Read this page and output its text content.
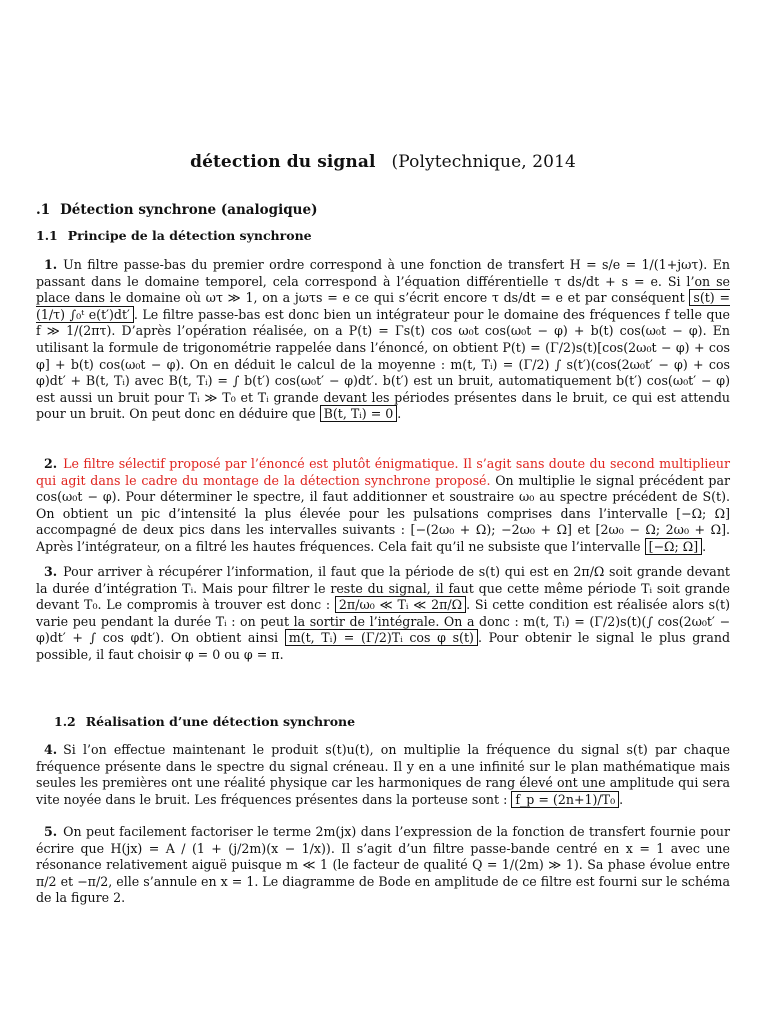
détection du signal (Polytechnique, 2014
.1 Détection synchrone (analogique)
1.1 Principe de la détection synchrone
1. Un filtre passe-bas du premier ordre correspond à une fonction de transfert H = s/e = 1/(1+jωτ). En passant dans le domaine temporel, cela correspond à l’équation différentielle τ ds/dt + s = e. Si l’on se place dans le domaine où ωτ ≫ 1, on a jωτs = e ce qui s’écrit encore τ ds/dt = e et par conséquent s(t) = (1/τ) ∫₀ᵗ e(t′)dt′ . Le filtre passe-bas est donc bien un intégrateur pour le domaine des fréquences f telle que f ≫ 1/(2πτ). D’après l’opération réalisée, on a P(t) = Γs(t) cos ω₀t cos(ω₀t − φ) + b(t) cos(ω₀t − φ). En utilisant la formule de trigonométrie rappelée dans l’énoncé, on obtient P(t) = (Γ/2)s(t)[cos(2ω₀t − φ) + cos φ] + b(t) cos(ω₀t − φ). On en déduit le calcul de la moyenne : m(t, Tᵢ) = (Γ/2) ∫ s(t′)(cos(2ω₀t′ − φ) + cos φ)dt′ + B(t, Tᵢ) avec B(t, Tᵢ) = ∫ b(t′) cos(ω₀t′ − φ)dt′. b(t′) est un bruit, automatiquement b(t′) cos(ω₀t′ − φ) est aussi un bruit pour Tᵢ ≫ T₀ et Tᵢ grande devant les périodes présentes dans le bruit, ce qui est attendu pour un bruit. On peut donc en déduire que B(t, Tᵢ) = 0 .
2. Le filtre sélectif proposé par l’énoncé est plutôt énigmatique. Il s’agit sans doute du second multiplieur qui agit dans le cadre du montage de la détection synchrone proposé. On multiplie le signal précédent par cos(ω₀t − φ). Pour déterminer le spectre, il faut additionner et soustraire ω₀ au spectre précédent de S(t). On obtient un pic d’intensité la plus élevée pour les pulsations comprises dans l’intervalle [−Ω; Ω] accompagné de deux pics dans les intervalles suivants : [−(2ω₀ + Ω); −2ω₀ + Ω] et [2ω₀ − Ω; 2ω₀ + Ω]. Après l’intégrateur, on a filtré les hautes fréquences. Cela fait qu’il ne subsiste que l’intervalle [−Ω; Ω] .
3. Pour arriver à récupérer l’information, il faut que la période de s(t) qui est en 2π/Ω soit grande devant la durée d’intégration Tᵢ. Mais pour filtrer le reste du signal, il faut que cette même période Tᵢ soit grande devant T₀. Le compromis à trouver est donc : 2π/ω₀ ≪ Tᵢ ≪ 2π/Ω . Si cette condition est réalisée alors s(t) varie peu pendant la durée Tᵢ : on peut la sortir de l’intégrale. On a donc : m(t, Tᵢ) = (Γ/2)s(t)(∫ cos(2ω₀t′ − φ)dt′ + ∫ cos φdt′). On obtient ainsi m(t, Tᵢ) = (Γ/2)Tᵢ cos φ s(t) . Pour obtenir le signal le plus grand possible, il faut choisir φ = 0 ou φ = π.
1.2 Réalisation d’une détection synchrone
4. Si l’on effectue maintenant le produit s(t)u(t), on multiplie la fréquence du signal s(t) par chaque fréquence présente dans le spectre du signal créneau. Il y en a une infinité sur le plan mathématique mais seules les premières ont une réalité physique car les harmoniques de rang élevé ont une amplitude qui sera vite noyée dans le bruit. Les fréquences présentes dans la porteuse sont : f_p = (2n+1)/T₀ .
5. On peut facilement factoriser le terme 2m(jx) dans l’expression de la fonction de transfert fournie pour écrire que H(jx) = A / (1 + (j/2m)(x − 1/x)). Il s’agit d’un filtre passe-bande centré en x = 1 avec une résonance relativement aiguë puisque m ≪ 1 (le facteur de qualité Q = 1/(2m) ≫ 1). Sa phase évolue entre π/2 et −π/2, elle s’annule en x = 1. Le diagramme de Bode en amplitude de ce filtre est fourni sur le schéma de la figure 2.
